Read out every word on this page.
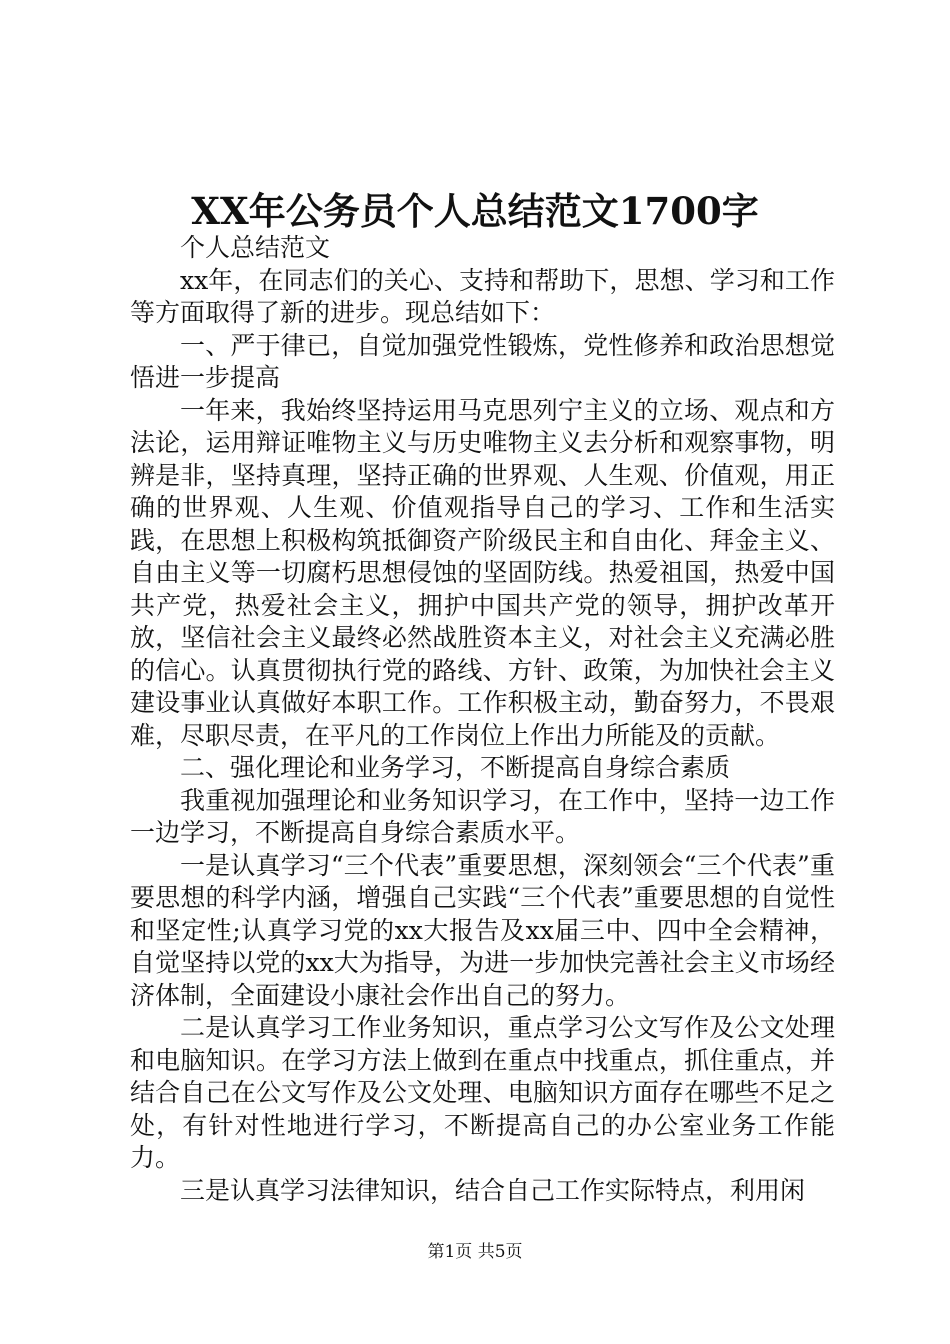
XX年公务员个人总结范文1700字

个人总结范文

xx年，在同志们的关心、支持和帮助下，思想、学习和工作等方面取得了新的进步。现总结如下：

一、严于律已，自觉加强党性锻炼，党性修养和政治思想觉悟进一步提高

一年来，我始终坚持运用马克思列宁主义的立场、观点和方法论，运用辩证唯物主义与历史唯物主义去分析和观察事物，明辨是非，坚持真理，坚持正确的世界观、人生观、价值观，用正确的世界观、人生观、价值观指导自己的学习、工作和生活实践，在思想上积极构筑抵御资产阶级民主和自由化、拜金主义、自由主义等一切腐朽思想侵蚀的坚固防线。热爱祖国，热爱中国共产党，热爱社会主义，拥护中国共产党的领导，拥护改革开放，坚信社会主义最终必然战胜资本主义，对社会主义充满必胜的信心。认真贯彻执行党的路线、方针、政策，为加快社会主义建设事业认真做好本职工作。工作积极主动，勤奋努力，不畏艰难，尽职尽责，在平凡的工作岗位上作出力所能及的贡献。

二、强化理论和业务学习，不断提高自身综合素质

我重视加强理论和业务知识学习，在工作中，坚持一边工作一边学习，不断提高自身综合素质水平。

一是认真学习“三个代表”重要思想，深刻领会“三个代表”重要思想的科学内涵，增强自己实践“三个代表”重要思想的自觉性和坚定性;认真学习党的xx大报告及xx届三中、四中全会精神，自觉坚持以党的xx大为指导，为进一步加快完善社会主义市场经济体制，全面建设小康社会作出自己的努力。

二是认真学习工作业务知识，重点学习公文写作及公文处理和电脑知识。在学习方法上做到在重点中找重点，抓住重点，并结合自己在公文写作及公文处理、电脑知识方面存在哪些不足之处，有针对性地进行学习，不断提高自己的办公室业务工作能力。

三是认真学习法律知识，结合自己工作实际特点，利用闲

第1页 共5页
